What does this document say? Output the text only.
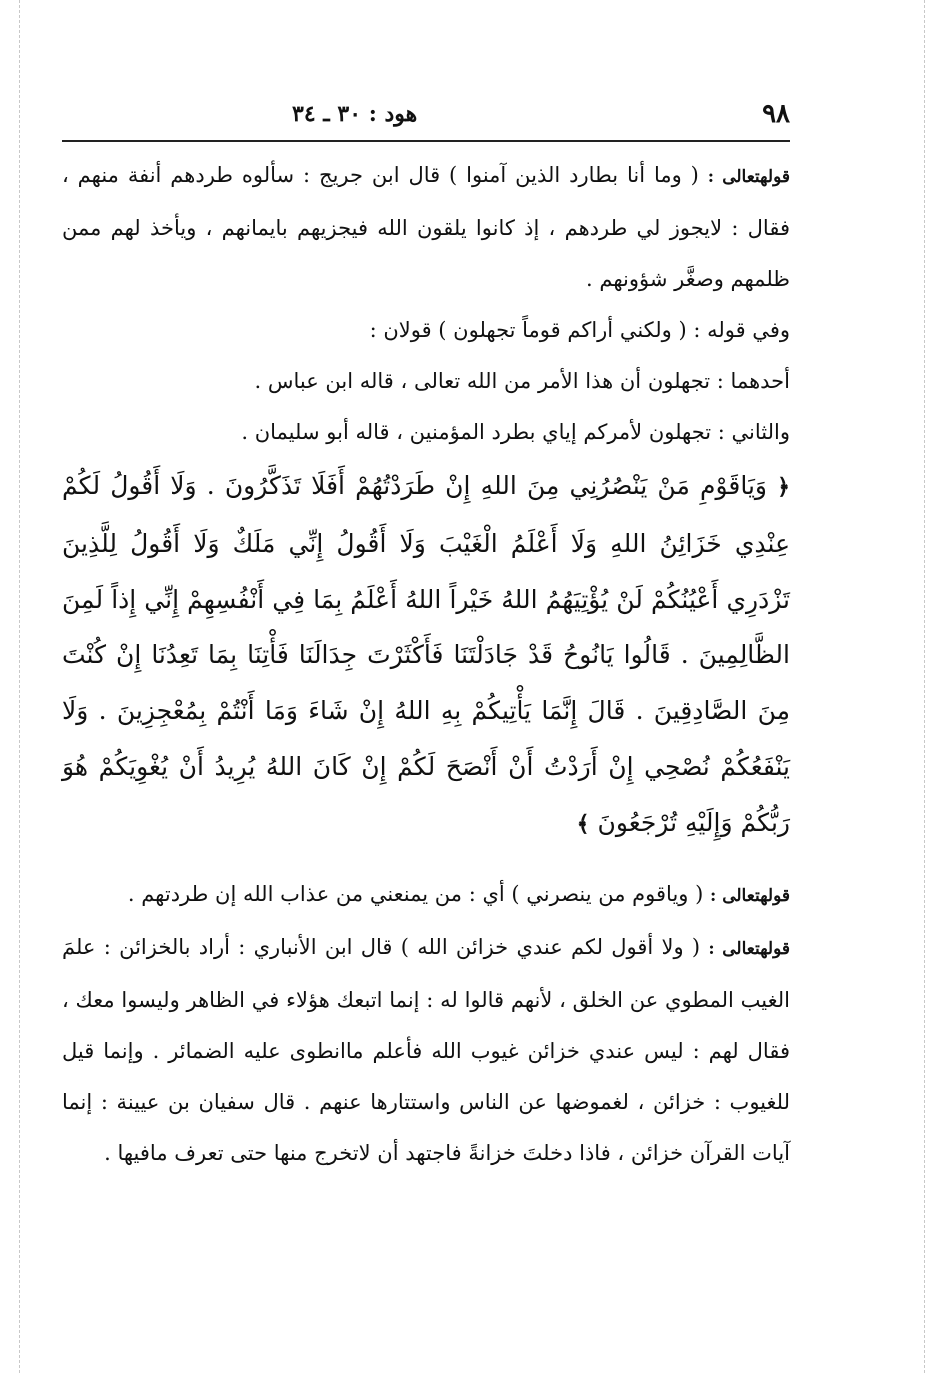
٩٨
هود : ٣٠ ـ ٣٤

قولهتعالى : ( وما أنا بطارد الذين آمنوا ) قال ابن جريج : سألوه طردهم أنفة منهم ، فقال : لايجوز لي طردهم ، إذ كانوا يلقون الله فيجزيهم بايمانهم ، ويأخذ لهم ممن ظلمهم وصغَّر شؤونهم .

وفي قوله : ( ولكني أراكم قوماً تجهلون ) قولان :

أحدهما : تجهلون أن هذا الأمر من الله تعالى ، قاله ابن عباس .

والثاني : تجهلون لأمركم إياي بطرد المؤمنين ، قاله أبو سليمان .

﴿ وَيَاقَوْمِ مَنْ يَنْصُرُنِي مِنَ اللهِ إِنْ طَرَدْتُهُمْ أَفَلَا تَذَكَّرُونَ . وَلَا أَقُولُ لَكُمْ عِنْدِي خَزَائِنُ اللهِ وَلَا أَعْلَمُ الْغَيْبَ وَلَا أَقُولُ إِنِّي مَلَكٌ وَلَا أَقُولُ لِلَّذِينَ تَزْدَرِي أَعْيُنُكُمْ لَنْ يُؤْتِيَهُمُ اللهُ خَيْراً اللهُ أَعْلَمُ بِمَا فِي أَنْفُسِهِمْ إِنِّي إِذاً لَمِنَ الظَّالِمِينَ . قَالُوا يَانُوحُ قَدْ جَادَلْتَنَا فَأَكْثَرْتَ جِدَالَنَا فَأْتِنَا بِمَا تَعِدُنَا إِنْ كُنْتَ مِنَ الصَّادِقِينَ . قَالَ إِنَّمَا يَأْتِيكُمْ بِهِ اللهُ إِنْ شَاءَ وَمَا أَنْتُمْ بِمُعْجِزِينَ . وَلَا يَنْفَعُكُمْ نُصْحِي إِنْ أَرَدْتُ أَنْ أَنْصَحَ لَكُمْ إِنْ كَانَ اللهُ يُرِيدُ أَنْ يُغْوِيَكُمْ هُوَ رَبُّكُمْ وَإِلَيْهِ تُرْجَعُونَ ﴾

قولهتعالى : ( وياقوم من ينصرني ) أي : من يمنعني من عذاب الله إن طردتهم .

قولهتعالى : ( ولا أقول لكم عندي خزائن الله ) قال ابن الأنباري : أراد بالخزائن : علمَ الغيب المطوي عن الخلق ، لأنهم قالوا له : إنما اتبعك هؤلاء في الظاهر وليسوا معك ، فقال لهم : ليس عندي خزائن غيوب الله فأعلم ماانطوى عليه الضمائر . وإنما قيل للغيوب : خزائن ، لغموضها عن الناس واستتارها عنهم . قال سفيان بن عيينة : إنما آيات القرآن خزائن ، فاذا دخلتَ خزانةً فاجتهد أن لاتخرج منها حتى تعرف مافيها .
